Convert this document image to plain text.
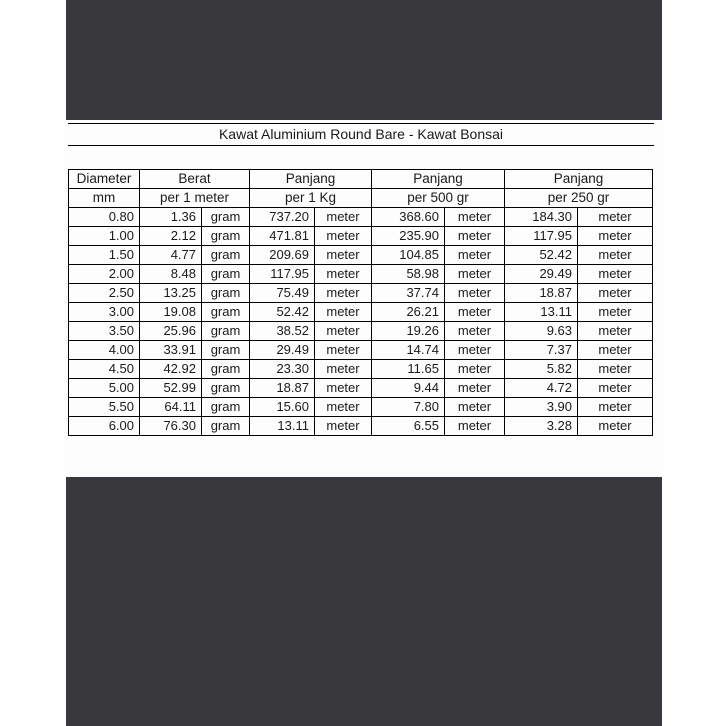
Kawat Aluminium Round Bare - Kawat Bonsai
Diameter	Berat		Panjang		Panjang		Panjang	
mm	per 1 meter		per 1 Kg		per 500 gr		per 250 gr	
0.80	1.36	gram	737.20	meter	368.60	meter	184.30	meter
1.00	2.12	gram	471.81	meter	235.90	meter	117.95	meter
1.50	4.77	gram	209.69	meter	104.85	meter	52.42	meter
2.00	8.48	gram	117.95	meter	58.98	meter	29.49	meter
2.50	13.25	gram	75.49	meter	37.74	meter	18.87	meter
3.00	19.08	gram	52.42	meter	26.21	meter	13.11	meter
3.50	25.96	gram	38.52	meter	19.26	meter	9.63	meter
4.00	33.91	gram	29.49	meter	14.74	meter	7.37	meter
4.50	42.92	gram	23.30	meter	11.65	meter	5.82	meter
5.00	52.99	gram	18.87	meter	9.44	meter	4.72	meter
5.50	64.11	gram	15.60	meter	7.80	meter	3.90	meter
6.00	76.30	gram	13.11	meter	6.55	meter	3.28	meter
